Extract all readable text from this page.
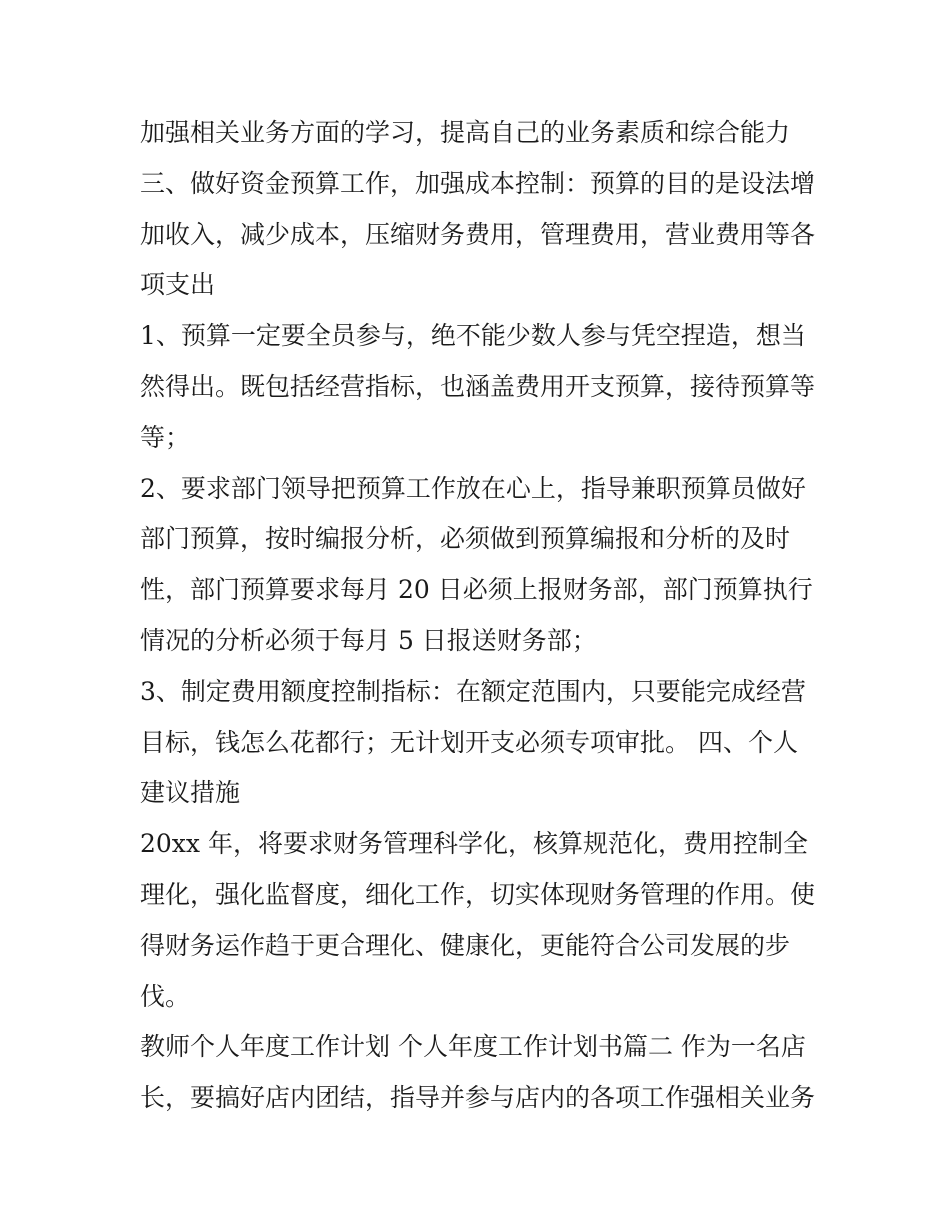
加强相关业务方面的学习，提高自己的业务素质和综合能力
三、做好资金预算工作，加强成本控制：预算的目的是设法增
加收入，减少成本，压缩财务费用，管理费用，营业费用等各
项支出
1、预算一定要全员参与，绝不能少数人参与凭空捏造，想当
然得出。既包括经营指标，也涵盖费用开支预算，接待预算等
等；
2、要求部门领导把预算工作放在心上，指导兼职预算员做好
部门预算，按时编报分析，必须做到预算编报和分析的及时
性，部门预算要求每月 20 日必须上报财务部，部门预算执行
情况的分析必须于每月 5 日报送财务部；
3、制定费用额度控制指标：在额定范围内，只要能完成经营
目标，钱怎么花都行；无计划开支必须专项审批。 四、个人
建议措施
20xx 年，将要求财务管理科学化，核算规范化，费用控制全
理化，强化监督度，细化工作，切实体现财务管理的作用。使
得财务运作趋于更合理化、健康化，更能符合公司发展的步
伐。
教师个人年度工作计划 个人年度工作计划书篇二 作为一名店
长，要搞好店内团结，指导并参与店内的各项工作强相关业务
